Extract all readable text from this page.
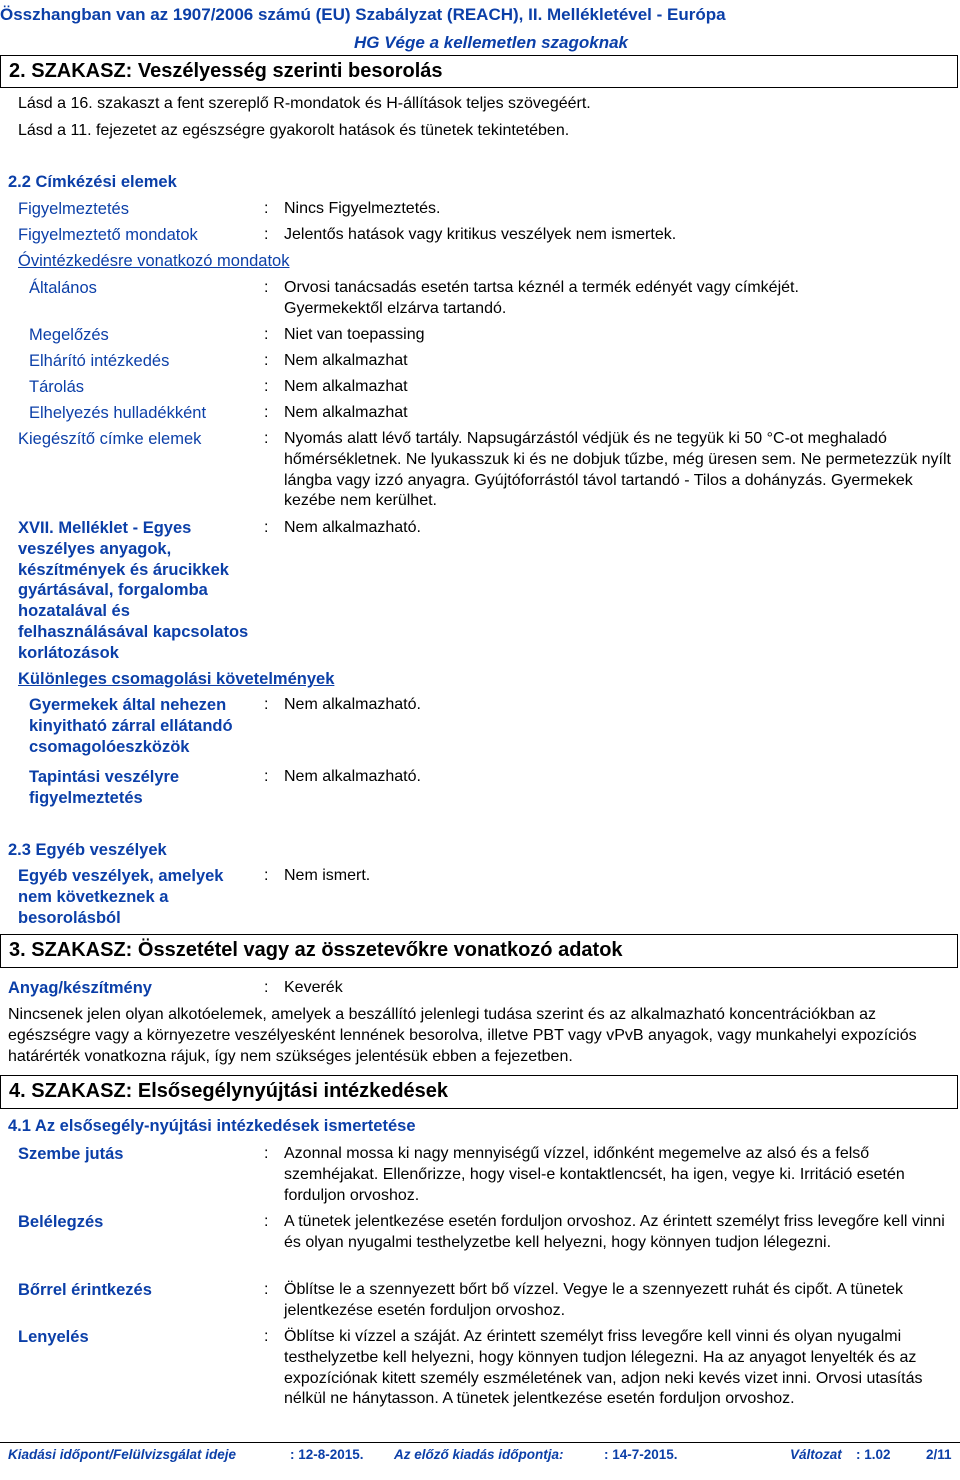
Összhangban van az 1907/2006 számú (EU) Szabályzat (REACH), II. Mellékletével - Európa
HG Vége a kellemetlen szagoknak
2. SZAKASZ: Veszélyesség szerinti besorolás
Lásd a 16. szakaszt a fent szereplő R-mondatok és H-állítások teljes szövegéért.
Lásd a 11. fejezetet az egészségre gyakorolt hatások és tünetek tekintetében.
2.2 Címkézési elemek
Figyelmeztetés	: Nincs Figyelmeztetés.
Figyelmeztető mondatok	: Jelentős hatások vagy kritikus veszélyek nem ismertek.
Óvintézkedésre vonatkozó mondatok
Általános	: Orvosi tanácsadás esetén tartsa kéznél a termék edényét vagy címkéjét. Gyermekektől elzárva tartandó.
Megelőzés	: Niet van toepassing
Elhárító intézkedés	: Nem alkalmazhat
Tárolás	: Nem alkalmazhat
Elhelyezés hulladékként	: Nem alkalmazhat
Kiegészítő címke elemek	: Nyomás alatt lévő tartály. Napsugárzástól védjük és ne tegyük ki 50 °C-ot meghaladó hőmérsékletnek. Ne lyukasszuk ki és ne dobjuk tűzbe, még üresen sem. Ne permetezzük nyílt lángba vagy izzó anyagra. Gyújtóforrástól távol tartandó - Tilos a dohányzás. Gyermekek kezébe nem kerülhet.
XVII. Melléklet - Egyes veszélyes anyagok, készítmények és árucikkek gyártásával, forgalomba hozatalával és felhasználásával kapcsolatos korlátozások
: Nem alkalmazható.
Különleges csomagolási követelmények
Gyermekek által nehezen kinyitható zárral ellátandó csomagolóeszközök
: Nem alkalmazható.
Tapintási veszélyre figyelmeztetés
: Nem alkalmazható.
2.3 Egyéb veszélyek
Egyéb veszélyek, amelyek nem következnek a besorolásból
: Nem ismert.
3. SZAKASZ: Összetétel vagy az összetevőkre vonatkozó adatok
Anyag/készítmény	: Keverék
Nincsenek jelen olyan alkotóelemek, amelyek a beszállító jelenlegi tudása szerint és az alkalmazható koncentrációkban az egészségre vagy a környezetre veszélyesként lennének besorolva, illetve PBT vagy vPvB anyagok, vagy munkahelyi expozíciós határérték vonatkozna rájuk, így nem szükséges jelentésük ebben a fejezetben.
4. SZAKASZ: Elsősegélynyújtási intézkedések
4.1 Az elsősegély-nyújtási intézkedések ismertetése
Szembe jutás	: Azonnal mossa ki nagy mennyiségű vízzel, időnként megemelve az alsó és a felső szemhéjakat. Ellenőrizze, hogy visel-e kontaktlencsét, ha igen, vegye ki. Irritáció esetén forduljon orvoshoz.
Belélegzés	: A tünetek jelentkezése esetén forduljon orvoshoz. Az érintett személyt friss levegőre kell vinni és olyan nyugalmi testhelyzetbe kell helyezni, hogy könnyen tudjon lélegezni.
Bőrrel érintkezés	: Öblítse le a szennyezett bőrt bő vízzel. Vegye le a szennyezett ruhát és cipőt. A tünetek jelentkezése esetén forduljon orvoshoz.
Lenyelés	: Öblítse ki vízzel a száját. Az érintett személyt friss levegőre kell vinni és olyan nyugalmi testhelyzetbe kell helyezni, hogy könnyen tudjon lélegezni. Ha az anyagot lenyelték és az expozíciónak kitett személy eszméletének van, adjon neki kevés vizet inni. Orvosi utasítás nélkül ne hánytasson. A tünetek jelentkezése esetén forduljon orvoshoz.
Kiadási időpont/Felülvizsgálat ideje	: 12-8-2015. Az előző kiadás időpontja:	: 14-7-2015.	Változat : 1.02	2/11
